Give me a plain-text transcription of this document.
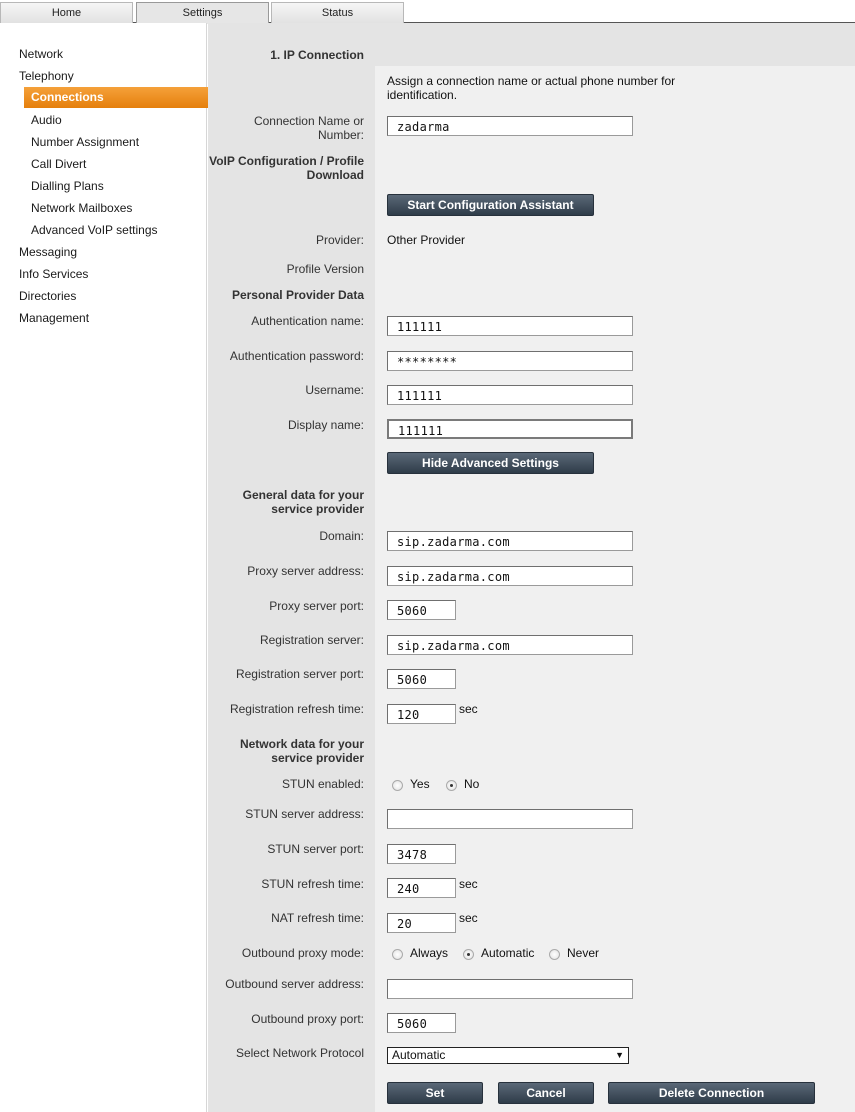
Home	Settings	Status
Network
Telephony
Connections
Audio
Number Assignment
Call Divert
Dialling Plans
Network Mailboxes
Advanced VoIP settings
Messaging
Info Services
Directories
Management
1. IP Connection
Assign a connection name or actual phone number for identification.
Connection Name or Number:
zadarma
VoIP Configuration / Profile Download
Start Configuration Assistant
Provider: Other Provider
Profile Version
Personal Provider Data
Authentication name:	111111
Authentication password:	********
Username:	111111
Display name:	111111
Hide Advanced Settings
General data for your service provider
Domain:	sip.zadarma.com
Proxy server address:	sip.zadarma.com
Proxy server port:	5060
Registration server:	sip.zadarma.com
Registration server port:	5060
Registration refresh time:	120	sec
Network data for your service provider
STUN enabled:	Yes	No
STUN server address:
STUN server port:	3478
STUN refresh time:	240	sec
NAT refresh time:	20	sec
Outbound proxy mode:	Always	Automatic	Never
Outbound server address:
Outbound proxy port:	5060
Select Network Protocol	Automatic	▼
Set	Cancel	Delete Connection
